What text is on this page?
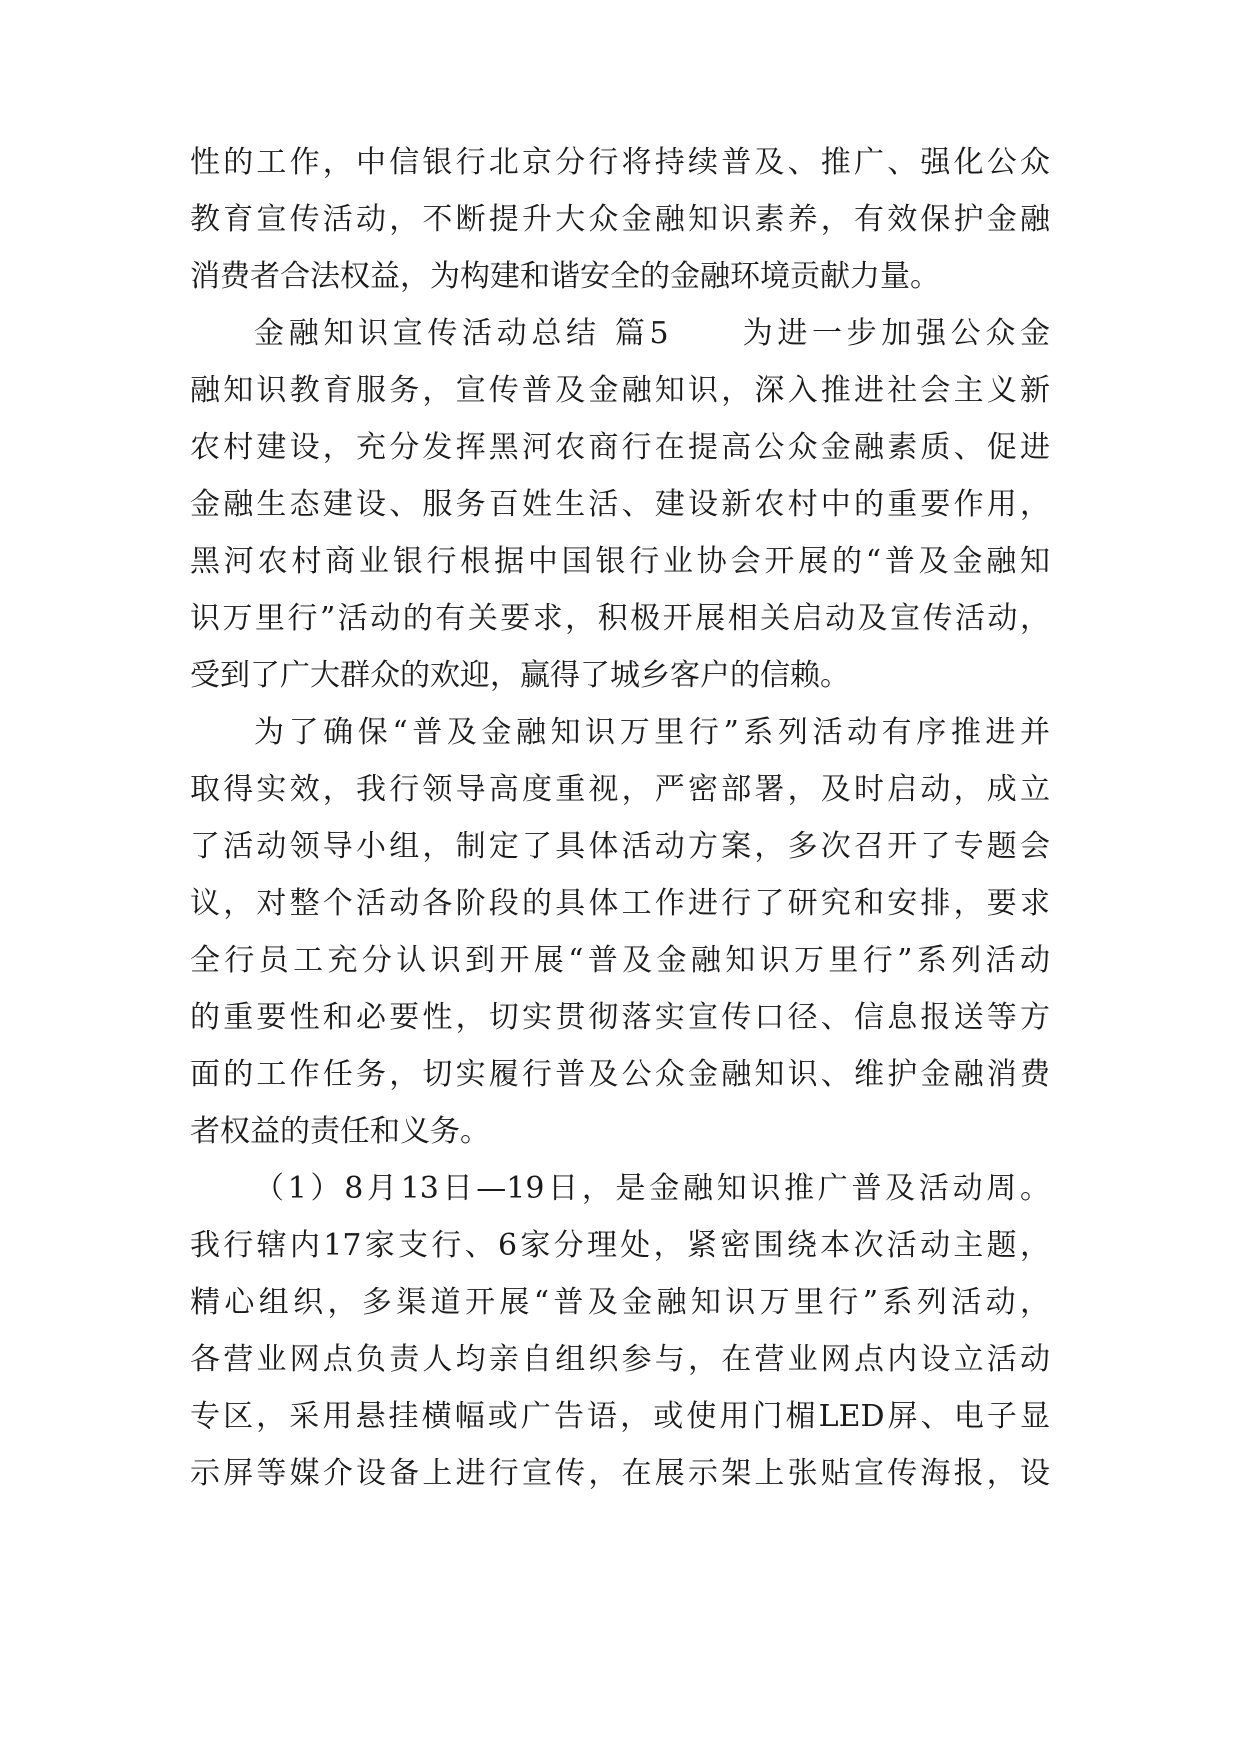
性的工作，中信银行北京分行将持续普及、推广、强化公众
教育宣传活动，不断提升大众金融知识素养，有效保护金融
消费者合法权益，为构建和谐安全的金融环境贡献力量。
金融知识宣传活动总结 篇5　　为进一步加强公众金
融知识教育服务，宣传普及金融知识，深入推进社会主义新
农村建设，充分发挥黑河农商行在提高公众金融素质、促进
金融生态建设、服务百姓生活、建设新农村中的重要作用，
黑河农村商业银行根据中国银行业协会开展的“普及金融知
识万里行”活动的有关要求，积极开展相关启动及宣传活动，
受到了广大群众的欢迎，赢得了城乡客户的信赖。
为了确保“普及金融知识万里行”系列活动有序推进并
取得实效，我行领导高度重视，严密部署，及时启动，成立
了活动领导小组，制定了具体活动方案，多次召开了专题会
议，对整个活动各阶段的具体工作进行了研究和安排，要求
全行员工充分认识到开展“普及金融知识万里行”系列活动
的重要性和必要性，切实贯彻落实宣传口径、信息报送等方
面的工作任务，切实履行普及公众金融知识、维护金融消费
者权益的责任和义务。
（1）8月13日—19日，是金融知识推广普及活动周。
我行辖内17家支行、6家分理处，紧密围绕本次活动主题，
精心组织，多渠道开展“普及金融知识万里行”系列活动，
各营业网点负责人均亲自组织参与，在营业网点内设立活动
专区，采用悬挂横幅或广告语，或使用门楣LED屏、电子显
示屏等媒介设备上进行宣传，在展示架上张贴宣传海报，设
